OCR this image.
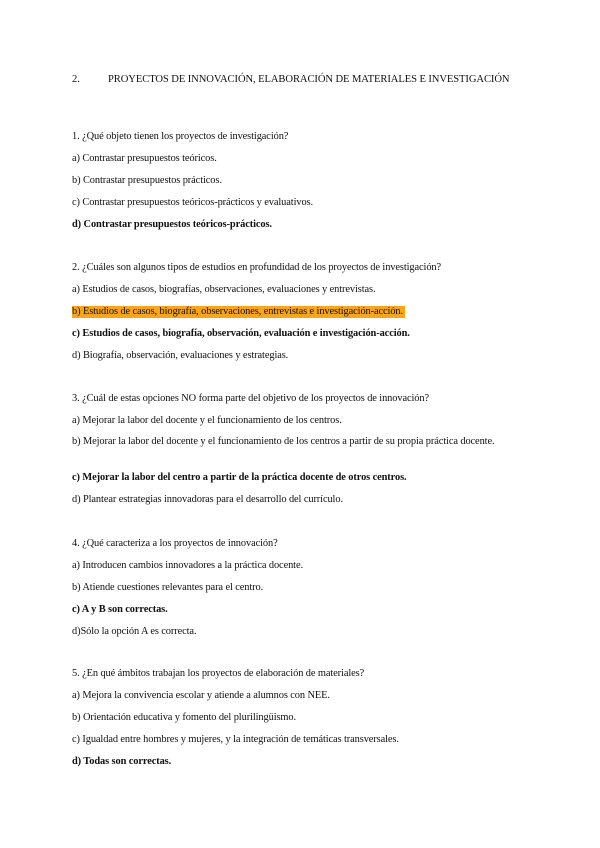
2.	PROYECTOS DE INNOVACIÓN, ELABORACIÓN DE MATERIALES E INVESTIGACIÓN
1. ¿Qué objeto tienen los proyectos de investigación?
a) Contrastar presupuestos teóricos.
b) Contrastar presupuestos prácticos.
c) Contrastar presupuestos teóricos-prácticos y evaluativos.
d) Contrastar presupuestos teóricos-prácticos.
2. ¿Cuáles son algunos tipos de estudios en profundidad de los proyectos de investigación?
a) Estudios de casos, biografías, observaciones, evaluaciones y entrevistas.
b) Estudios de casos, biografía, observaciones, entrevistas e investigación-acción.
c) Estudios de casos, biografía, observación, evaluación e investigación-acción.
d) Biografía, observación, evaluaciones y estrategias.
3. ¿Cuál de estas opciones NO forma parte del objetivo de los proyectos de innovación?
a) Mejorar la labor del docente y el funcionamiento de los centros.
b) Mejorar la labor del docente y el funcionamiento de los centros a partir de su propia práctica docente.
c) Mejorar la labor del centro a partir de la práctica docente de otros centros.
d) Plantear estrategias innovadoras para el desarrollo del currículo.
4. ¿Qué caracteriza a los proyectos de innovación?
a) Introducen cambios innovadores a la práctica docente.
b) Atiende cuestiones relevantes para el centro.
c) A y B son correctas.
d)Sólo la opción A es correcta.
5. ¿En qué ámbitos trabajan los proyectos de elaboración de materiales?
a) Mejora la convivencia escolar y atiende a alumnos con NEE.
b) Orientación educativa y fomento del plurilingüismo.
c) Igualdad entre hombres y mujeres, y la integración de temáticas transversales.
d) Todas son correctas.
